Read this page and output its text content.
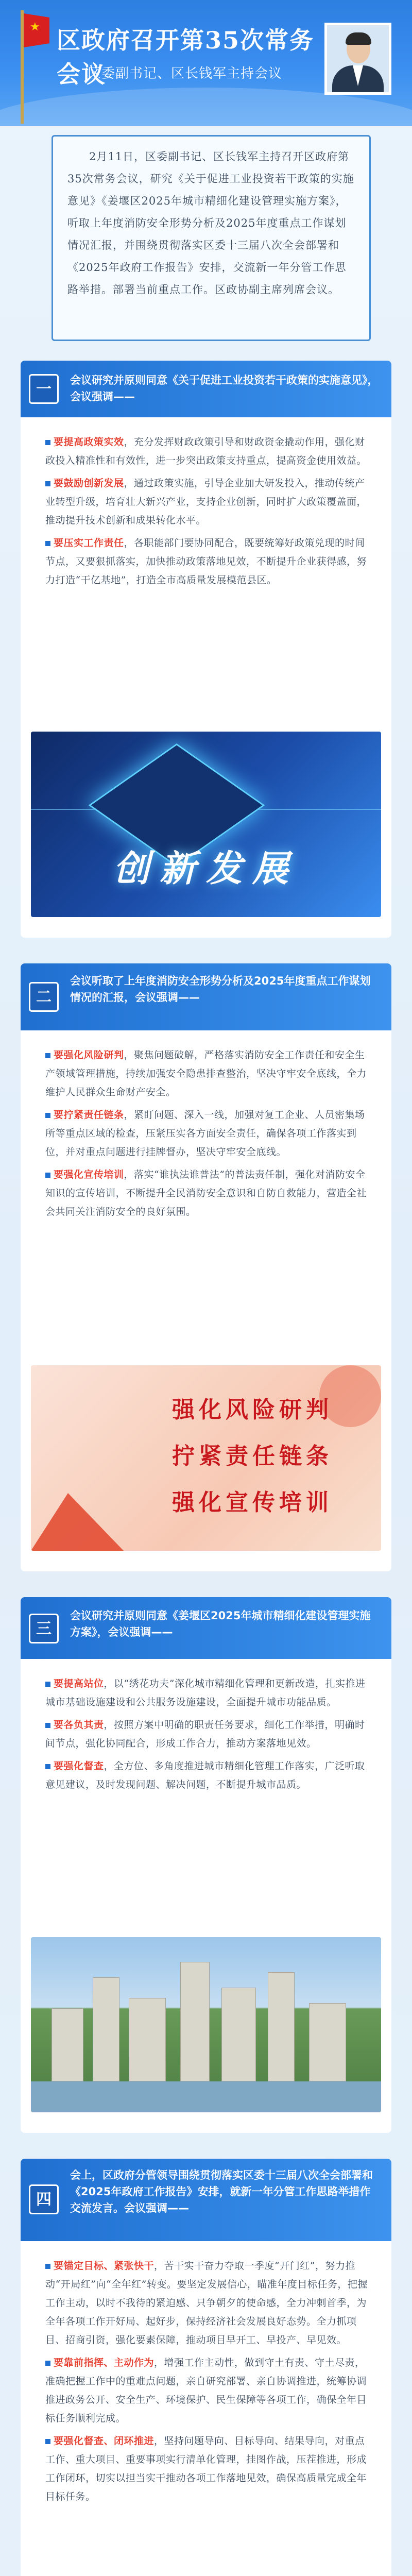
★ 区政府召开第35次常务会议
区委副书记、区长钱军主持会议

2月11日，区委副书记、区长钱军主持召开区政府第35次常务会议，研究《关于促进工业投资若干政策的实施意见》《姜堰区2025年城市精细化建设管理实施方案》，听取上年度消防安全形势分析及2025年度重点工作谋划情况汇报，并围绕贯彻落实区委十三届八次全会部署和《2025年政府工作报告》安排，交流新一年分管工作思路举措。部署当前重点工作。区政协副主席列席会议。

一	会议研究并原则同意《关于促进工业投资若干政策的实施意见》，会议强调——
要提高政策实效，充分发挥财政政策引导和财政资金撬动作用，强化财政投入精准性和有效性，进一步突出政策支持重点，提高资金使用效益。
要鼓励创新发展，通过政策实施，引导企业加大研发投入，推动传统产业转型升级，培育壮大新兴产业，支持企业创新，同时扩大政策覆盖面，推动提升技术创新和成果转化水平。
要压实工作责任，各职能部门要协同配合，既要统筹好政策兑现的时间节点，又要狠抓落实，加快推动政策落地见效，不断提升企业获得感，努力打造“干亿基地”，打造全市高质量发展模范县区。
创新发展
二
会议听取了上年度消防安全形势分析及2025年度重点工作谋划情况的汇报，会议强调——
要强化风险研判，聚焦问题破解，严格落实消防安全工作责任和安全生产领域管理措施，持续加强安全隐患排查整治，坚决守牢安全底线，全力维护人民群众生命财产安全。
要拧紧责任链条，紧盯问题、深入一线，加强对复工企业、人员密集场所等重点区域的检查，压紧压实各方面安全责任，确保各项工作落实到位，并对重点问题进行挂牌督办，坚决守牢安全底线。
要强化宣传培训，落实“谁执法谁普法”的普法责任制，强化对消防安全知识的宣传培训，不断提升全民消防安全意识和自防自救能力，营造全社会共同关注消防安全的良好氛围。
强化风险研判
拧紧责任链条
强化宣传培训
三
会议研究并原则同意《姜堰区2025年城市精细化建设管理实施方案》，会议强调——
要提高站位，以“绣花功夫”深化城市精细化管理和更新改造，扎实推进城市基础设施建设和公共服务设施建设，全面提升城市功能品质。
要各负其责，按照方案中明确的职责任务要求，细化工作举措，明确时间节点，强化协同配合，形成工作合力，推动方案落地见效。
要强化督查，全方位、多角度推进城市精细化管理工作落实，广泛听取意见建议，及时发现问题、解决问题，不断提升城市品质。
四
会上，区政府分管领导围绕贯彻落实区委十三届八次全会部署和《2025年政府工作报告》安排，就新一年分管工作思路举措作交流发言。会议强调——
要锚定目标、紧张快干，苦干实干奋力夺取一季度“开门红”，努力推动“开局红”向“全年红”转变。要坚定发展信心，瞄准年度目标任务，把握工作主动，以时不我待的紧迫感、只争朝夕的使命感，全力冲刺首季，为全年各项工作开好局、起好步，保持经济社会发展良好态势。全力抓项目、招商引资，强化要素保障，推动项目早开工、早投产、早见效。
要靠前指挥、主动作为，增强工作主动性，做到守土有责、守土尽责，准确把握工作中的重难点问题，亲自研究部署、亲自协调推进，统筹协调推进政务公开、安全生产、环境保护、民生保障等各项工作，确保全年目标任务顺利完成。
要强化督查、闭环推进，坚持问题导向、目标导向、结果导向，对重点工作、重大项目、重要事项实行清单化管理，挂图作战，压茬推进，形成工作闭环，切实以担当实干推动各项工作落地见效，确保高质量完成全年目标任务。
